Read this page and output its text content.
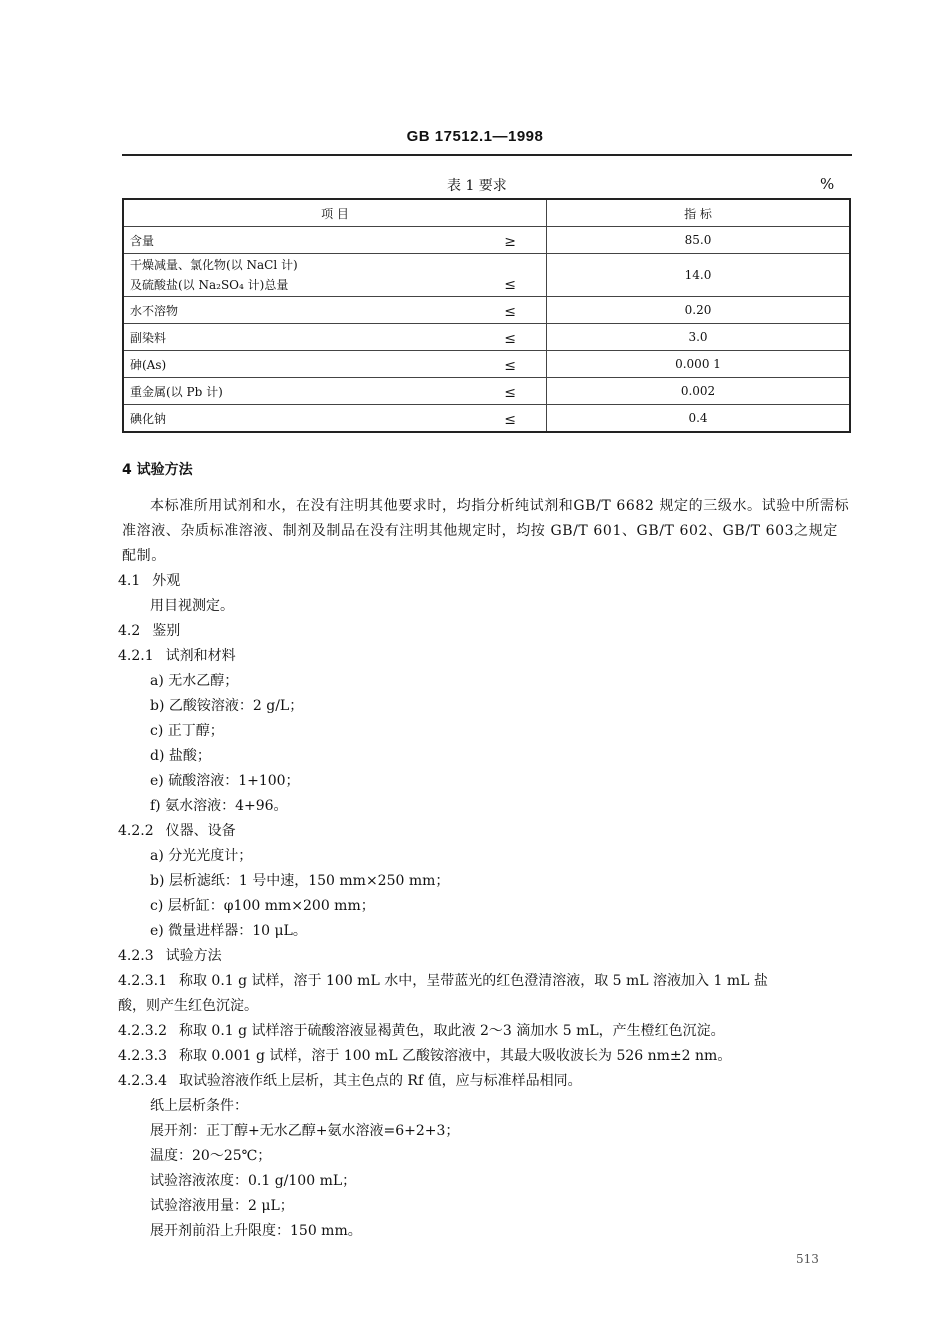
GB 17512.1—1998
表 1 要求	%
项 目	指 标
含量 ≥	85.0

干燥减量、氯化物(以 NaCl 计)
及硫酸盐(以 Na₂SO₄ 计)总量 ≤	14.0
水不溶物 ≤	0.20
副染料 ≤	3.0
砷(As) ≤	0.000 1
重金属(以 Pb 计) ≤	0.002
碘化钠 ≤	0.4
4 试验方法
本标准所用试剂和水，在没有注明其他要求时，均指分析纯试剂和GB/T 6682 规定的三级水。试验中所需标准溶液、杂质标准溶液、制剂及制品在没有注明其他规定时，均按 GB/T 601、GB/T 602、GB/T 603之规定配制。
4.1 外观
用目视测定。
4.2 鉴别
4.2.1 试剂和材料
a) 无水乙醇；
b) 乙酸铵溶液：2 g/L；
c) 正丁醇；
d) 盐酸；
e) 硫酸溶液：1+100；
f) 氨水溶液：4+96。
4.2.2 仪器、设备
a) 分光光度计；
b) 层析滤纸：1 号中速，150 mm×250 mm；
c) 层析缸：φ100 mm×200 mm；
e) 微量进样器：10 μL。
4.2.3 试验方法
4.2.3.1 称取 0.1 g 试样，溶于 100 mL 水中，呈带蓝光的红色澄清溶液，取 5 mL 溶液加入 1 mL 盐
酸，则产生红色沉淀。
4.2.3.2 称取 0.1 g 试样溶于硫酸溶液显褐黄色，取此液 2～3 滴加水 5 mL，产生橙红色沉淀。
4.2.3.3 称取 0.001 g 试样，溶于 100 mL 乙酸铵溶液中，其最大吸收波长为 526 nm±2 nm。
4.2.3.4 取试验溶液作纸上层析，其主色点的 Rf 值，应与标准样品相同。
纸上层析条件：
展开剂：正丁醇+无水乙醇+氨水溶液=6+2+3；
温度：20～25℃；
试验溶液浓度：0.1 g/100 mL；
试验溶液用量：2 μL；
展开剂前沿上升限度：150 mm。
513
